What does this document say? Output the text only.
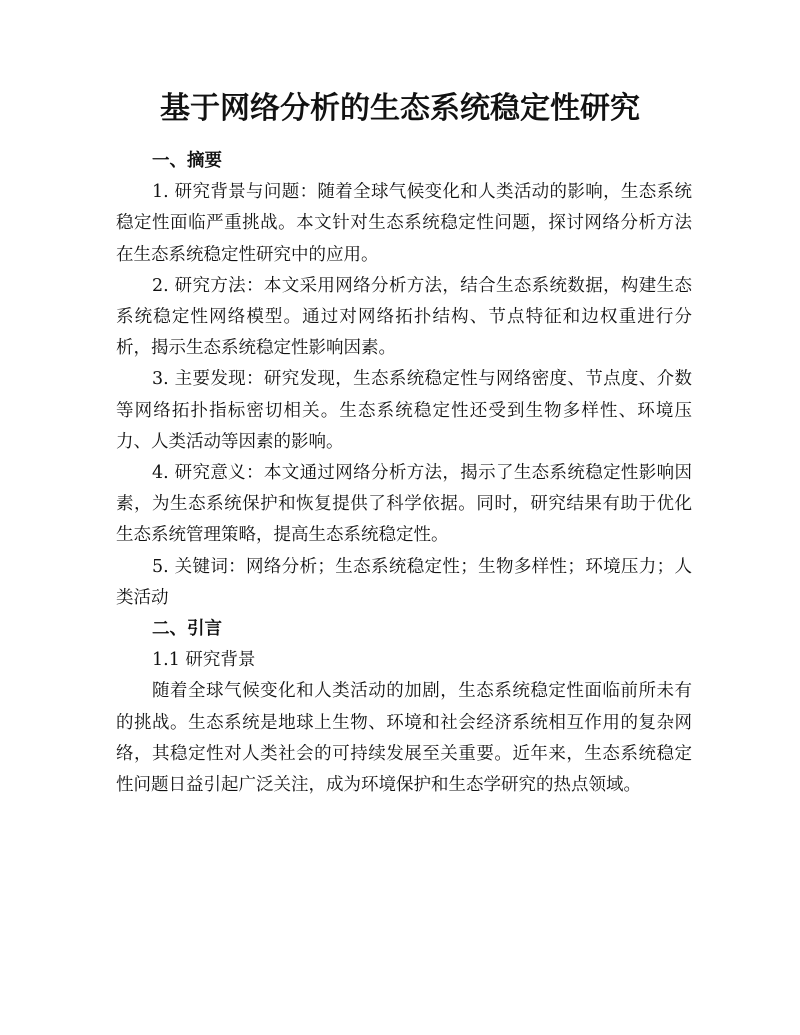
基于网络分析的生态系统稳定性研究

一、摘要

1. 研究背景与问题：随着全球气候变化和人类活动的影响，生态系统稳定性面临严重挑战。本文针对生态系统稳定性问题，探讨网络分析方法在生态系统稳定性研究中的应用。

2. 研究方法：本文采用网络分析方法，结合生态系统数据，构建生态系统稳定性网络模型。通过对网络拓扑结构、节点特征和边权重进行分析，揭示生态系统稳定性影响因素。

3. 主要发现：研究发现，生态系统稳定性与网络密度、节点度、介数等网络拓扑指标密切相关。生态系统稳定性还受到生物多样性、环境压力、人类活动等因素的影响。

4. 研究意义：本文通过网络分析方法，揭示了生态系统稳定性影响因素，为生态系统保护和恢复提供了科学依据。同时，研究结果有助于优化生态系统管理策略，提高生态系统稳定性。

5. 关键词：网络分析；生态系统稳定性；生物多样性；环境压力；人类活动

二、引言

1.1 研究背景

随着全球气候变化和人类活动的加剧，生态系统稳定性面临前所未有的挑战。生态系统是地球上生物、环境和社会经济系统相互作用的复杂网络，其稳定性对人类社会的可持续发展至关重要。近年来，生态系统稳定性问题日益引起广泛关注，成为环境保护和生态学研究的热点领域。
